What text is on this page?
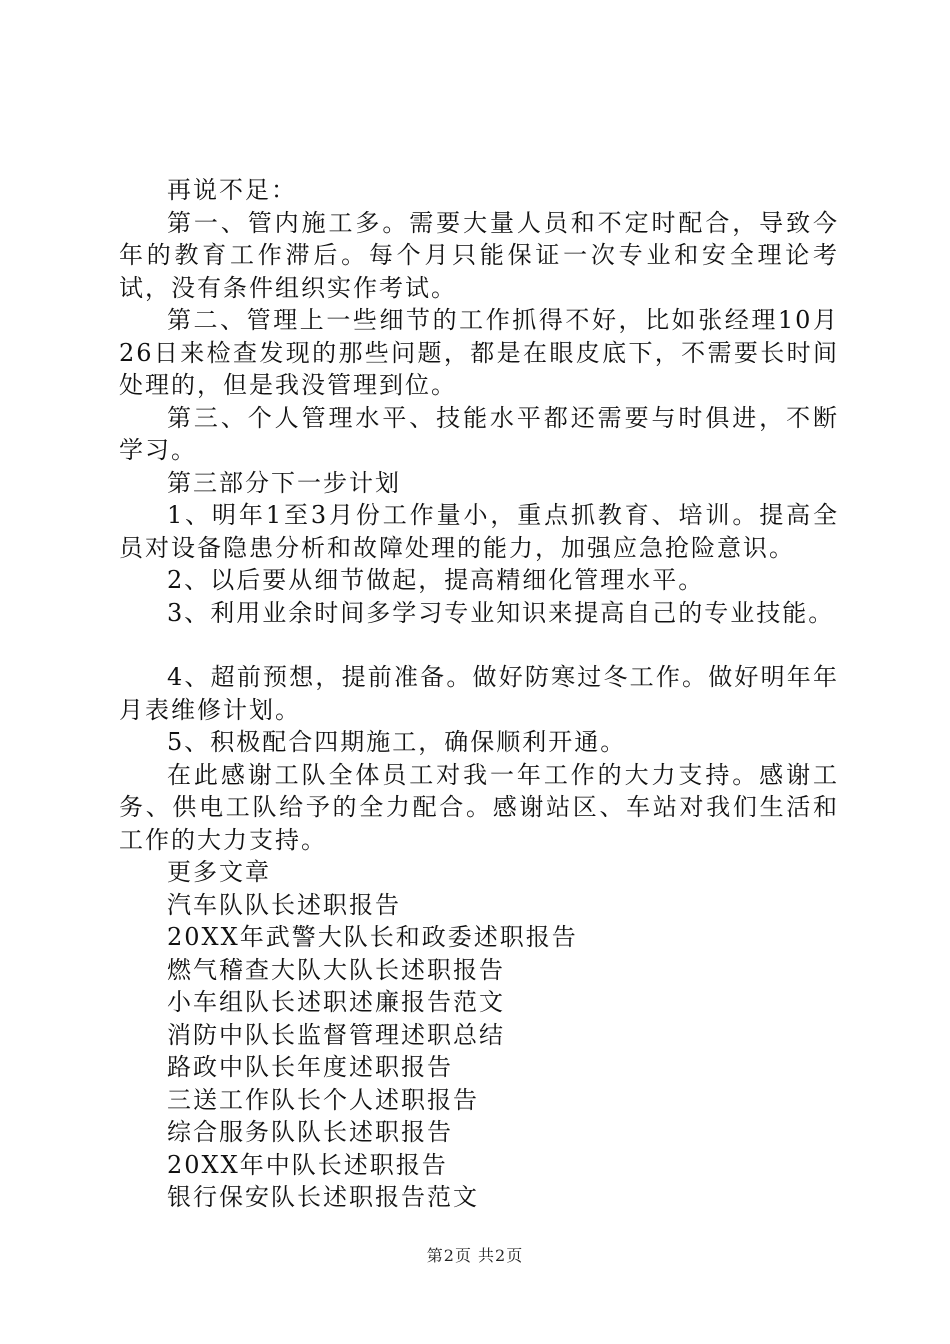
再说不足：

第一、管内施工多。需要大量人员和不定时配合，导致今年的教育工作滞后。每个月只能保证一次专业和安全理论考试，没有条件组织实作考试。

第二、管理上一些细节的工作抓得不好，比如张经理10月26日来检查发现的那些问题，都是在眼皮底下，不需要长时间处理的，但是我没管理到位。

第三、个人管理水平、技能水平都还需要与时俱进，不断学习。

第三部分下一步计划

1、明年1至3月份工作量小，重点抓教育、培训。提高全员对设备隐患分析和故障处理的能力，加强应急抢险意识。

2、以后要从细节做起，提高精细化管理水平。

3、利用业余时间多学习专业知识来提高自己的专业技能。

4、超前预想，提前准备。做好防寒过冬工作。做好明年年月表维修计划。

5、积极配合四期施工，确保顺利开通。

在此感谢工队全体员工对我一年工作的大力支持。感谢工务、供电工队给予的全力配合。感谢站区、车站对我们生活和工作的大力支持。

更多文章

汽车队队长述职报告
20XX年武警大队长和政委述职报告
燃气稽查大队大队长述职报告
小车组队长述职述廉报告范文
消防中队长监督管理述职总结
路政中队长年度述职报告
三送工作队长个人述职报告
综合服务队队长述职报告
20XX年中队长述职报告
银行保安队长述职报告范文
第2页 共2页
